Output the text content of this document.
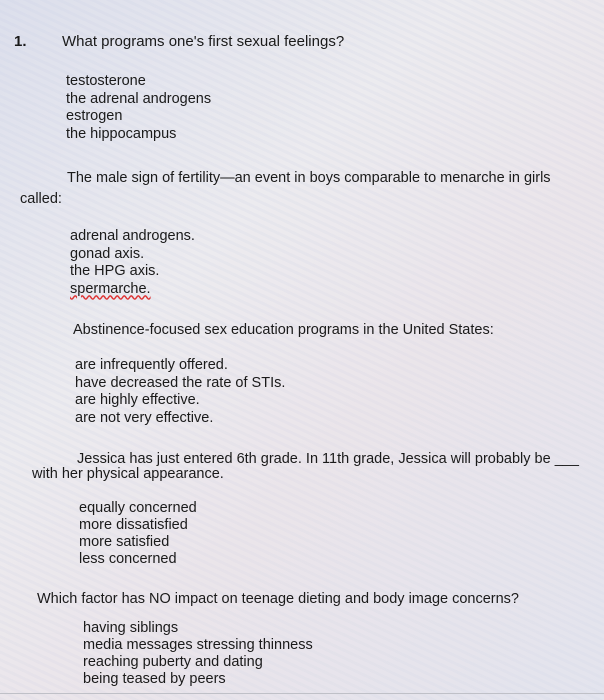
1. What programs one's first sexual feelings?
testosterone
the adrenal androgens
estrogen
the hippocampus
The male sign of fertility—an event in boys comparable to menarche in girls
called:
adrenal androgens.
gonad axis.
the HPG axis.
spermarche.
Abstinence-focused sex education programs in the United States:
are infrequently offered.
have decreased the rate of STIs.
are highly effective.
are not very effective.
Jessica has just entered 6th grade. In 11th grade, Jessica will probably be ___
with her physical appearance.
equally concerned
more dissatisfied
more satisfied
less concerned
Which factor has NO impact on teenage dieting and body image concerns?
having siblings
media messages stressing thinness
reaching puberty and dating
being teased by peers
